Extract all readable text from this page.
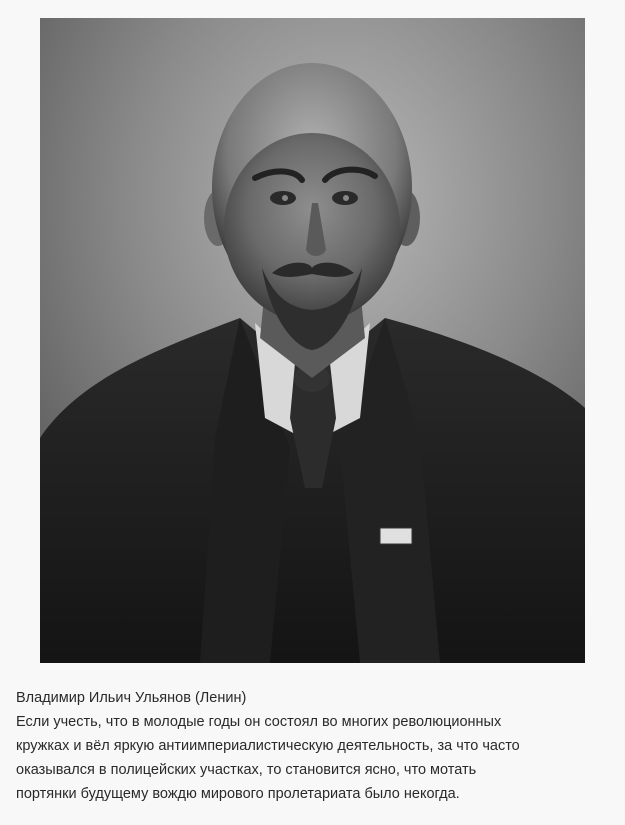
Владимир Ильич Ульянов (Ленин)

Если учесть, что в молодые годы он состоял во многих революционных
кружках и вёл яркую антиимпериалистическую деятельность, за что часто
оказывался в полицейских участках, то становится ясно, что мотать
портянки будущему вождю мирового пролетариата было некогда.
